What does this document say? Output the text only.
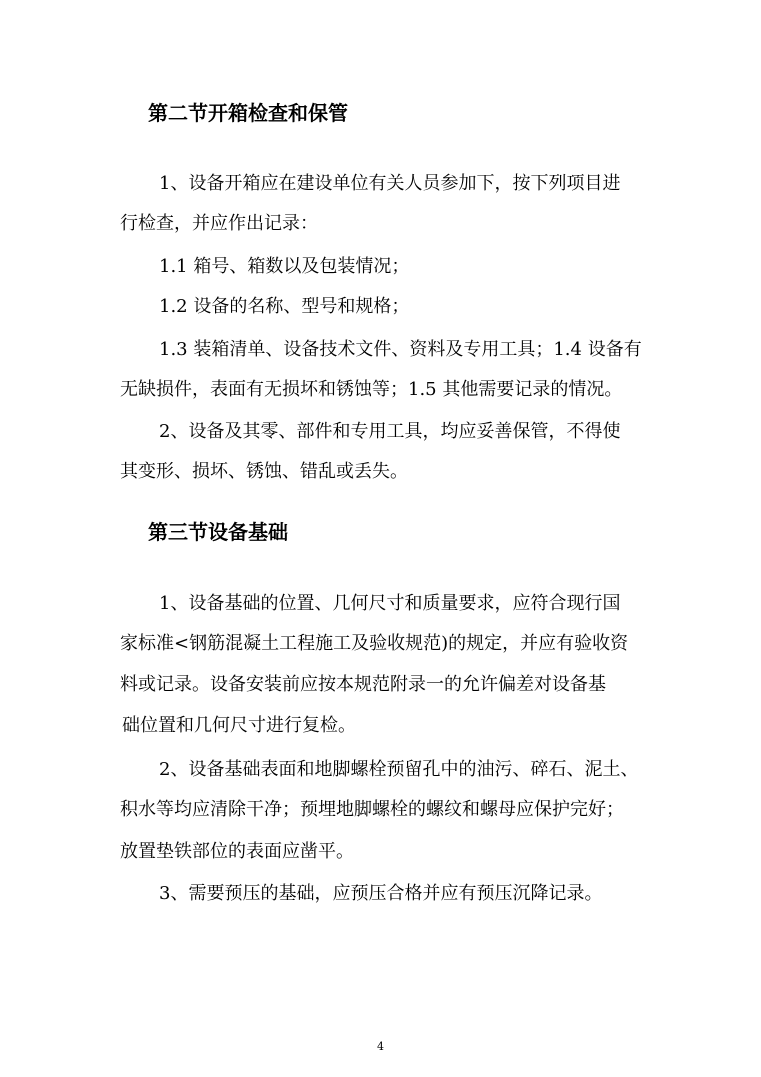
第二节开箱检查和保管
1、设备开箱应在建设单位有关人员参加下，按下列项目进
行检查，并应作出记录：
1.1 箱号、箱数以及包装情况；
1.2 设备的名称、型号和规格；
1.3 装箱清单、设备技术文件、资料及专用工具；1.4 设备有
无缺损件，表面有无损坏和锈蚀等；1.5 其他需要记录的情况。
2、设备及其零、部件和专用工具，均应妥善保管，不得使
其变形、损坏、锈蚀、错乱或丢失。
第三节设备基础
1、设备基础的位置、几何尺寸和质量要求，应符合现行国
家标准<钢筋混凝土工程施工及验收规范)的规定，并应有验收资
料或记录。设备安装前应按本规范附录一的允许偏差对设备基
础位置和几何尺寸进行复检。
2、设备基础表面和地脚螺栓预留孔中的油污、碎石、泥土、
积水等均应清除干净；预埋地脚螺栓的螺纹和螺母应保护完好；
放置垫铁部位的表面应凿平。
3、需要预压的基础，应预压合格并应有预压沉降记录。
4
